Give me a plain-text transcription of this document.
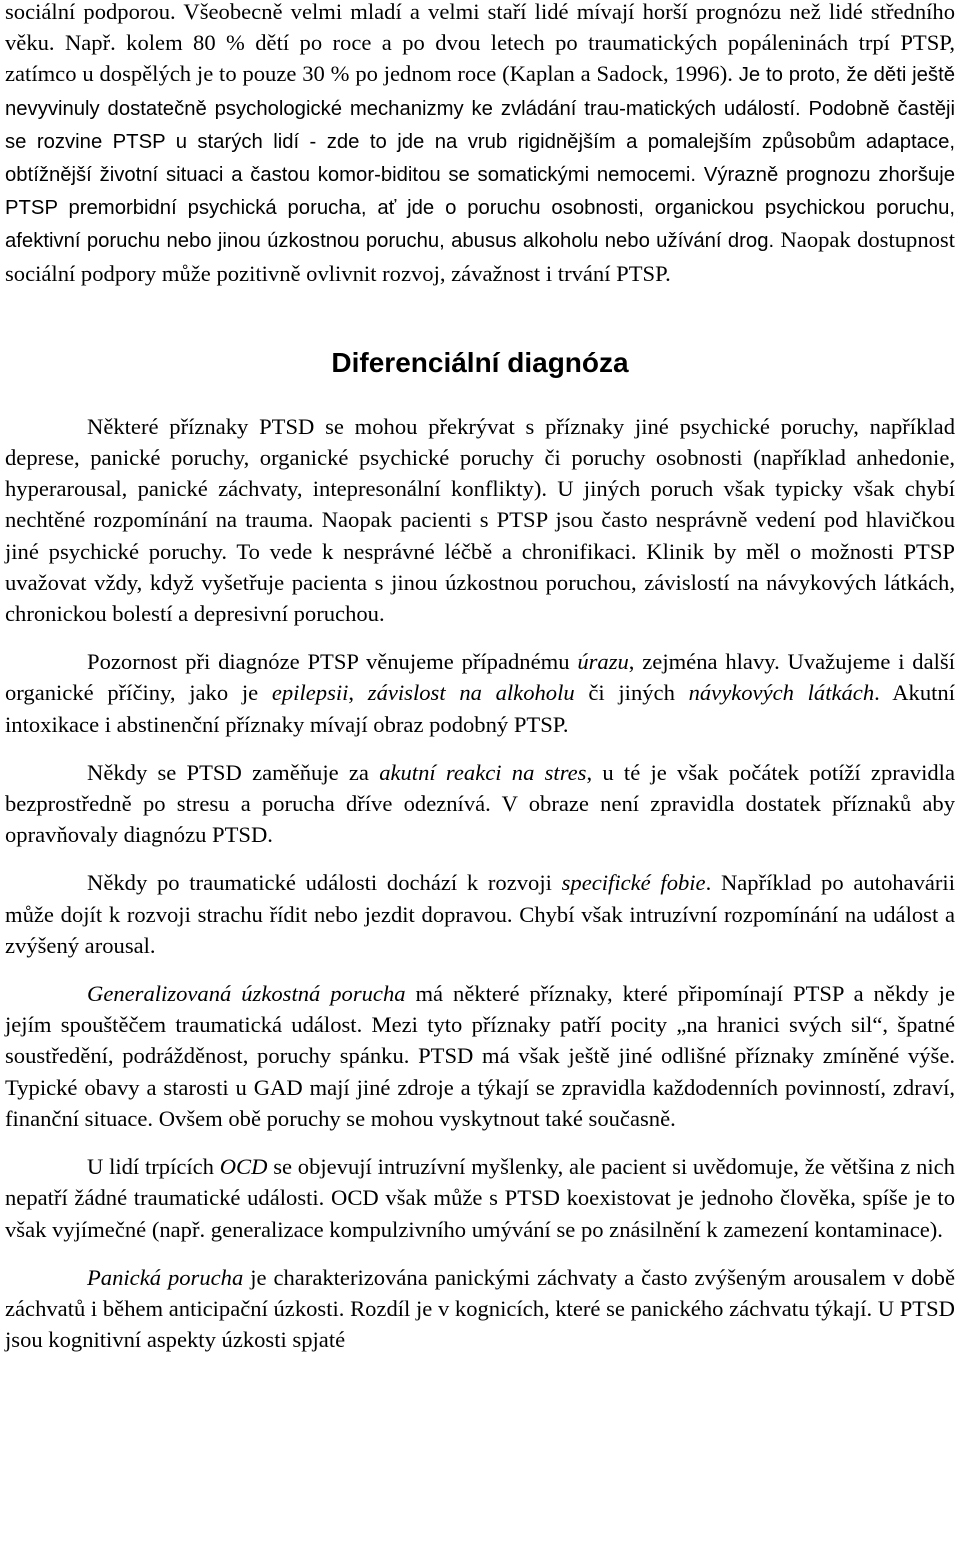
sociální podporou. Všeobecně velmi mladí a velmi staří lidé mívají horší prognózu než lidé středního věku. Např. kolem 80 % dětí po roce a po dvou letech po traumatických popáleninách trpí PTSP, zatímco u dospělých je to pouze 30 % po jednom roce (Kaplan a Sadock, 1996). Je to proto, že děti ještě nevyvinuly dostatečně psychologické mechanizmy ke zvládání trau-matických událostí. Podobně častěji se rozvine PTSP u starých lidí - zde to jde na vrub rigidnějším a pomalejším způsobům adaptace, obtížnější životní situaci a častou komor-biditou se somatickými nemocemi. Výrazně prognozu zhoršuje PTSP premorbidní psychická porucha, ať jde o poruchu osobnosti, organickou psychickou poruchu, afektivní poruchu nebo jinou úzkostnou poruchu, abusus alkoholu nebo užívání drog. Naopak dostupnost sociální podpory může pozitivně ovlivnit rozvoj, závažnost i trvání PTSP.

Diferenciální diagnóza

Některé příznaky PTSD se mohou překrývat s příznaky jiné psychické poruchy, například deprese, panické poruchy, organické psychické poruchy či poruchy osobnosti (například anhedonie, hyperarousal, panické záchvaty, intepresonální konflikty). U jiných poruch však typicky však chybí nechtěné rozpomínání na trauma. Naopak pacienti s PTSP jsou často nesprávně vedení pod hlavičkou jiné psychické poruchy. To vede k nesprávné léčbě a chronifikaci. Klinik by měl o možnosti PTSP uvažovat vždy, když vyšetřuje pacienta s jinou úzkostnou poruchou, závislostí na návykových látkách, chronickou bolestí a depresivní poruchou.

Pozornost při diagnóze PTSP věnujeme případnému úrazu, zejména hlavy. Uvažujeme i další organické příčiny, jako je epilepsii, závislost na alkoholu či jiných návykových látkách. Akutní intoxikace i abstinenční příznaky mívají obraz podobný PTSP.

Někdy se PTSD zaměňuje za akutní reakci na stres, u té je však počátek potíží zpravidla bezprostředně po stresu a porucha dříve odeznívá. V obraze není zpravidla dostatek příznaků aby opravňovaly diagnózu PTSD.

Někdy po traumatické události dochází k rozvoji specifické fobie. Například po autohavárii může dojít k rozvoji strachu řídit nebo jezdit dopravou. Chybí však intruzívní rozpomínání na událost a zvýšený arousal.

Generalizovaná úzkostná porucha má některé příznaky, které připomínají PTSP a někdy je jejím spouštěčem traumatická událost. Mezi tyto příznaky patří pocity „na hranici svých sil“, špatné soustředění, podrážděnost, poruchy spánku. PTSD má však ještě jiné odlišné příznaky zmíněné výše. Typické obavy a starosti u GAD mají jiné zdroje a týkají se zpravidla každodenních povinností, zdraví, finanční situace. Ovšem obě poruchy se mohou vyskytnout také současně.

U lidí trpících OCD se objevují intruzívní myšlenky, ale pacient si uvědomuje, že většina z nich nepatří žádné traumatické události. OCD však může s PTSD koexistovat je jednoho člověka, spíše je to však vyjímečné (např. generalizace kompulzivního umývání se po znásilnění k zamezení kontaminace).

Panická porucha je charakterizována panickými záchvaty a často zvýšeným arousalem v době záchvatů i během anticipační úzkosti. Rozdíl je v kognicích, které se panického záchvatu týkají. U PTSD jsou kognitivní aspekty úzkosti spjaté
